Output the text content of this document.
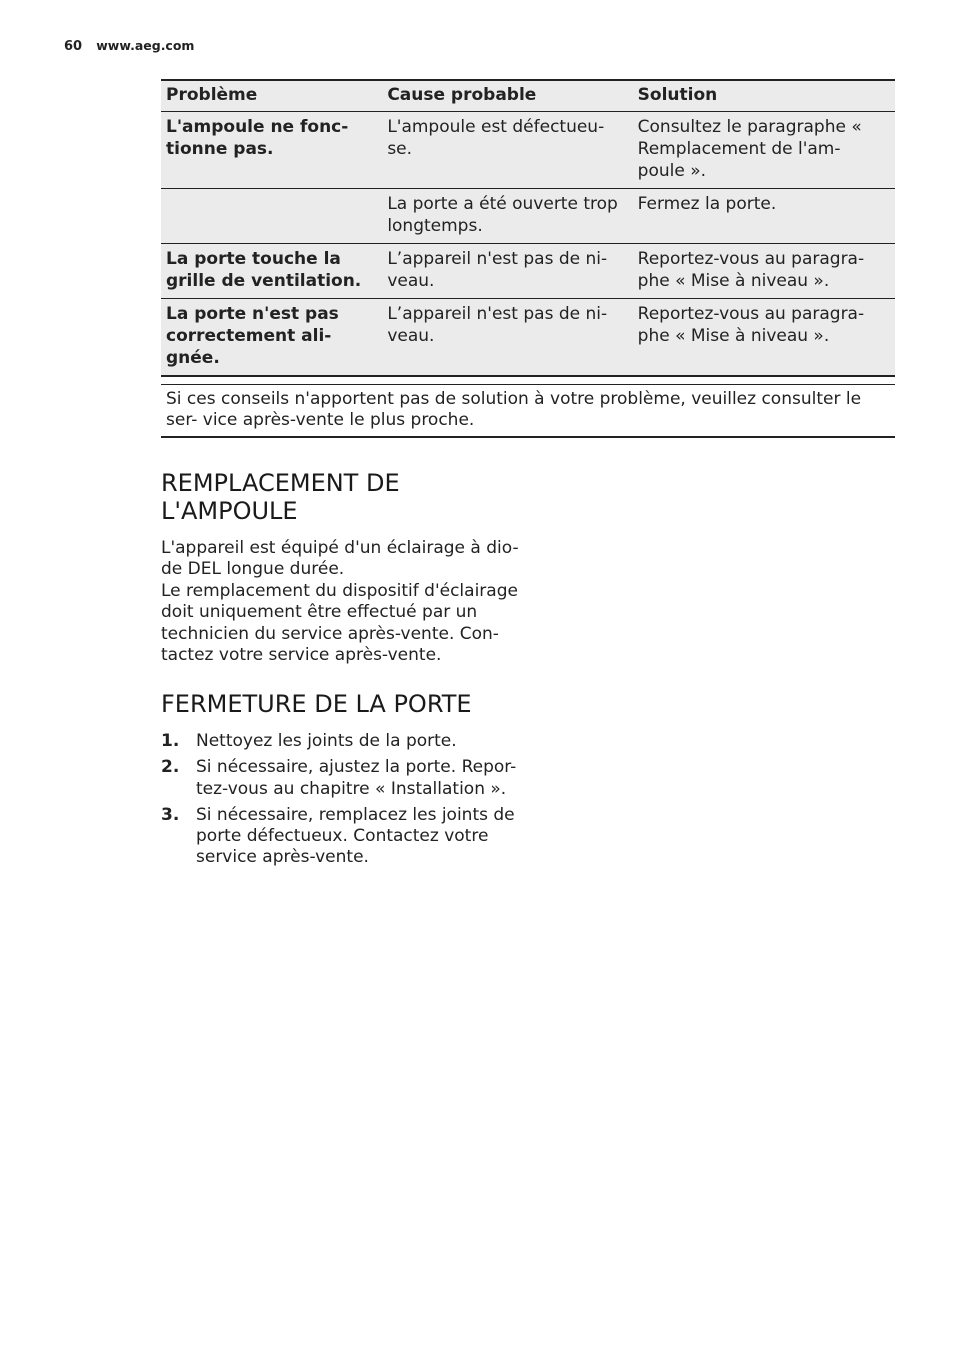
60 www.aeg.com
Problème	Cause probable	Solution
L'ampoule ne fonc- tionne pas.	L'ampoule est défectueu- se.	Consultez le paragraphe « Remplacement de l'am- poule ».
	La porte a été ouverte trop longtemps.	Fermez la porte.
La porte touche la grille de ventilation.	L’appareil n'est pas de ni- veau.	Reportez-vous au paragra- phe « Mise à niveau ».
La porte n'est pas correctement ali- gnée.	L’appareil n'est pas de ni- veau.	Reportez-vous au paragra- phe « Mise à niveau ».
Si ces conseils n'apportent pas de solution à votre problème, veuillez consulter le ser- vice après-vente le plus proche.
REMPLACEMENT DE
L'AMPOULE

L'appareil est équipé d'un éclairage à dio- de DEL longue durée.

Le remplacement du dispositif d'éclairage doit uniquement être effectué par un technicien du service après-vente. Con- tactez votre service après-vente.

FERMETURE DE LA PORTE
1. Nettoyez les joints de la porte.
2. Si nécessaire, ajustez la porte. Repor- tez-vous au chapitre « Installation ».
3. Si nécessaire, remplacez les joints de porte défectueux. Contactez votre service après-vente.
